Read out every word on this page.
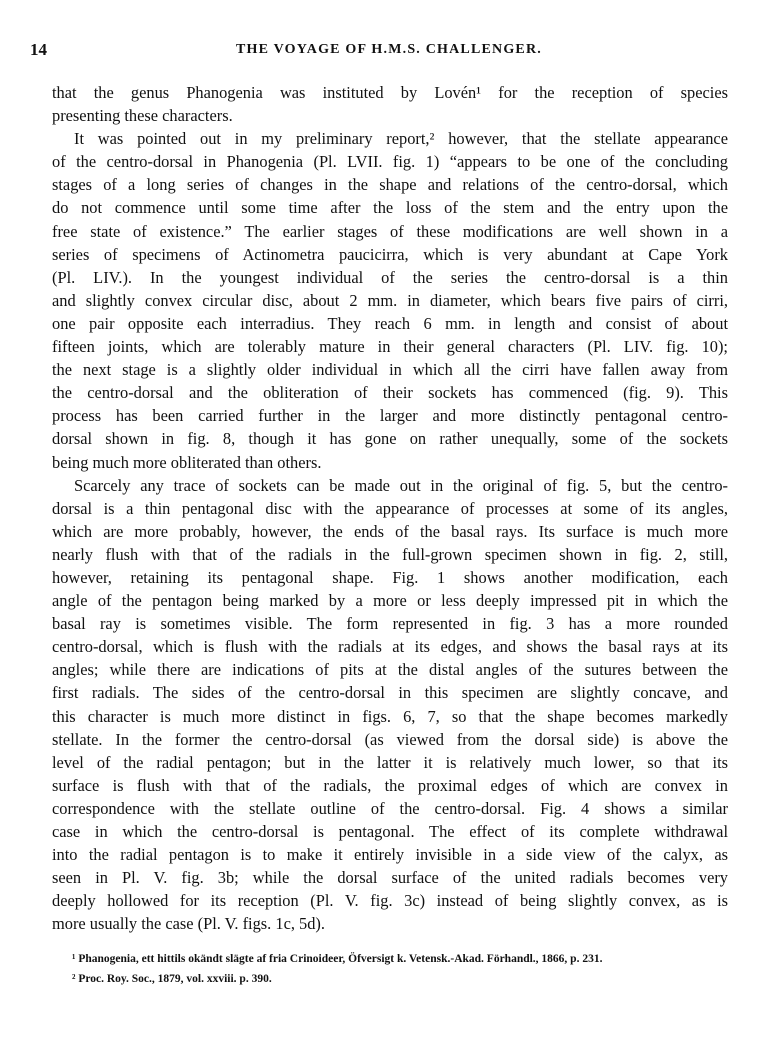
14	THE VOYAGE OF H.M.S. CHALLENGER.
that the genus Phanogenia was instituted by Lovén¹ for the reception of species
presenting these characters.
It was pointed out in my preliminary report,² however, that the stellate appearance
of the centro-dorsal in Phanogenia (Pl. LVII. fig. 1) “appears to be one of the concluding
stages of a long series of changes in the shape and relations of the centro-dorsal, which
do not commence until some time after the loss of the stem and the entry upon the
free state of existence.” The earlier stages of these modifications are well shown in a
series of specimens of Actinometra paucicirra, which is very abundant at Cape York
(Pl. LIV.). In the youngest individual of the series the centro-dorsal is a thin
and slightly convex circular disc, about 2 mm. in diameter, which bears five pairs of cirri,
one pair opposite each interradius. They reach 6 mm. in length and consist of about
fifteen joints, which are tolerably mature in their general characters (Pl. LIV. fig. 10);
the next stage is a slightly older individual in which all the cirri have fallen away from
the centro-dorsal and the obliteration of their sockets has commenced (fig. 9). This
process has been carried further in the larger and more distinctly pentagonal centro-
dorsal shown in fig. 8, though it has gone on rather unequally, some of the sockets
being much more obliterated than others.
Scarcely any trace of sockets can be made out in the original of fig. 5, but the centro-
dorsal is a thin pentagonal disc with the appearance of processes at some of its angles,
which are more probably, however, the ends of the basal rays. Its surface is much more
nearly flush with that of the radials in the full-grown specimen shown in fig. 2, still,
however, retaining its pentagonal shape. Fig. 1 shows another modification, each
angle of the pentagon being marked by a more or less deeply impressed pit in which the
basal ray is sometimes visible. The form represented in fig. 3 has a more rounded
centro-dorsal, which is flush with the radials at its edges, and shows the basal rays at its
angles; while there are indications of pits at the distal angles of the sutures between the
first radials. The sides of the centro-dorsal in this specimen are slightly concave, and
this character is much more distinct in figs. 6, 7, so that the shape becomes markedly
stellate. In the former the centro-dorsal (as viewed from the dorsal side) is above the
level of the radial pentagon; but in the latter it is relatively much lower, so that its
surface is flush with that of the radials, the proximal edges of which are convex in
correspondence with the stellate outline of the centro-dorsal. Fig. 4 shows a similar
case in which the centro-dorsal is pentagonal. The effect of its complete withdrawal
into the radial pentagon is to make it entirely invisible in a side view of the calyx, as
seen in Pl. V. fig. 3b; while the dorsal surface of the united radials becomes very
deeply hollowed for its reception (Pl. V. fig. 3c) instead of being slightly convex, as is
more usually the case (Pl. V. figs. 1c, 5d).
¹ Phanogenia, ett hittils okändt slägte af fria Crinoideer, Öfversigt k. Vetensk.-Akad. Förhandl., 1866, p. 231.
² Proc. Roy. Soc., 1879, vol. xxviii. p. 390.
